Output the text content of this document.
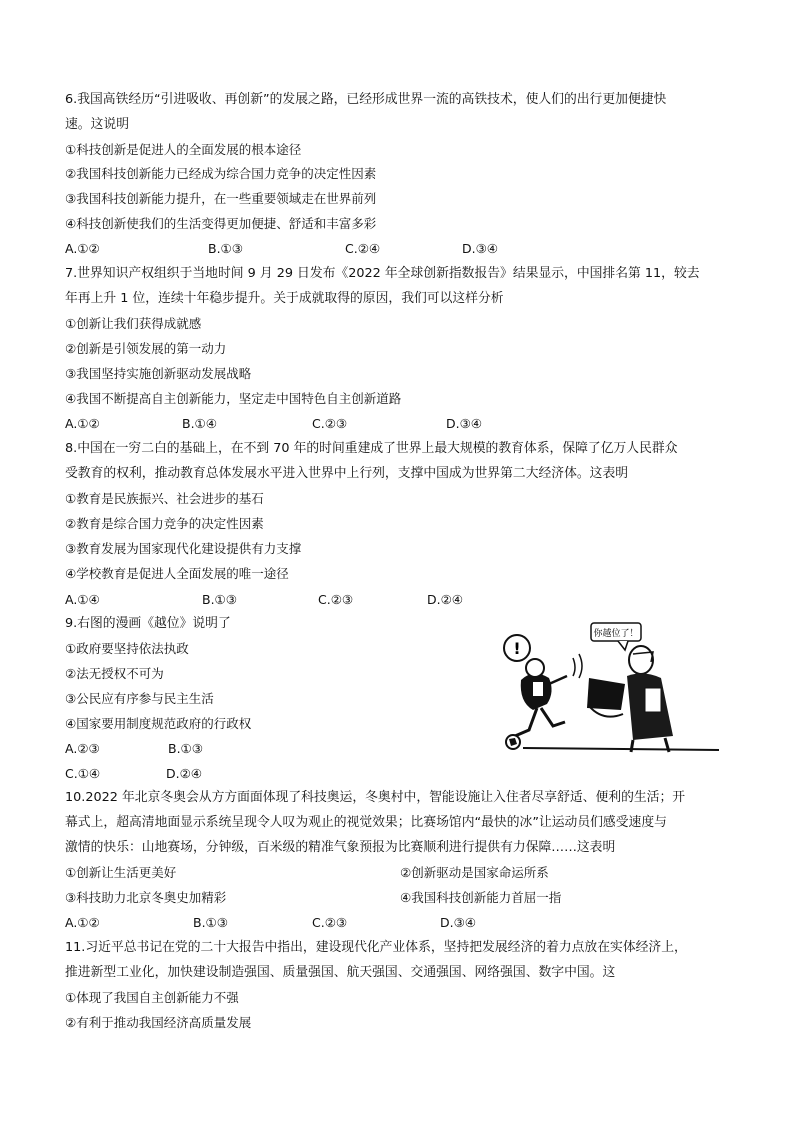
6.我国高铁经历“引进吸收、再创新”的发展之路，已经形成世界一流的高铁技术，使人们的出行更加便捷快
速。这说明
①科技创新是促进人的全面发展的根本途径
②我国科技创新能力已经成为综合国力竞争的决定性因素
③我国科技创新能力提升，在一些重要领域走在世界前列
④科技创新使我们的生活变得更加便捷、舒适和丰富多彩
A.①②	B.①③	C.②④	D.③④
7.世界知识产权组织于当地时间 9 月 29 日发布《2022 年全球创新指数报告》结果显示，中国排名第 11，较去
年再上升 1 位，连续十年稳步提升。关于成就取得的原因，我们可以这样分析
①创新让我们获得成就感
②创新是引领发展的第一动力
③我国坚持实施创新驱动发展战略
④我国不断提高自主创新能力，坚定走中国特色自主创新道路
A.①②	B.①④	C.②③	D.③④
8.中国在一穷二白的基础上，在不到 70 年的时间重建成了世界上最大规模的教育体系，保障了亿万人民群众
受教育的权利，推动教育总体发展水平进入世界中上行列，支撑中国成为世界第二大经济体。这表明
①教育是民族振兴、社会进步的基石
②教育是综合国力竞争的决定性因素
③教育发展为国家现代化建设提供有力支撑
④学校教育是促进人全面发展的唯一途径
A.①④	B.①③	C.②③	D.②④
9.右图的漫画《越位》说明了
①政府要坚持依法执政
②法无授权不可为
③公民应有序参与民主生活
④国家要用制度规范政府的行政权
A.②③	B.①③
C.①④	D.②④
你越位了！
!
10.2022 年北京冬奥会从方方面面体现了科技奥运，冬奥村中，智能设施让入住者尽享舒适、便利的生活；开
幕式上，超高清地面显示系统呈现令人叹为观止的视觉效果；比赛场馆内“最快的冰”让运动员们感受速度与
激情的快乐：山地赛场，分钟级，百米级的精准气象预报为比赛顺利进行提供有力保障……这表明
①创新让生活更美好	②创新驱动是国家命运所系
③科技助力北京冬奥史加精彩	④我国科技创新能力首屈一指
A.①②	B.①③	C.②③	D.③④
11.习近平总书记在党的二十大报告中指出，建设现代化产业体系，坚持把发展经济的着力点放在实体经济上，
推进新型工业化，加快建设制造强国、质量强国、航天强国、交通强国、网络强国、数字中国。这
①体现了我国自主创新能力不强
②有利于推动我国经济高质量发展
